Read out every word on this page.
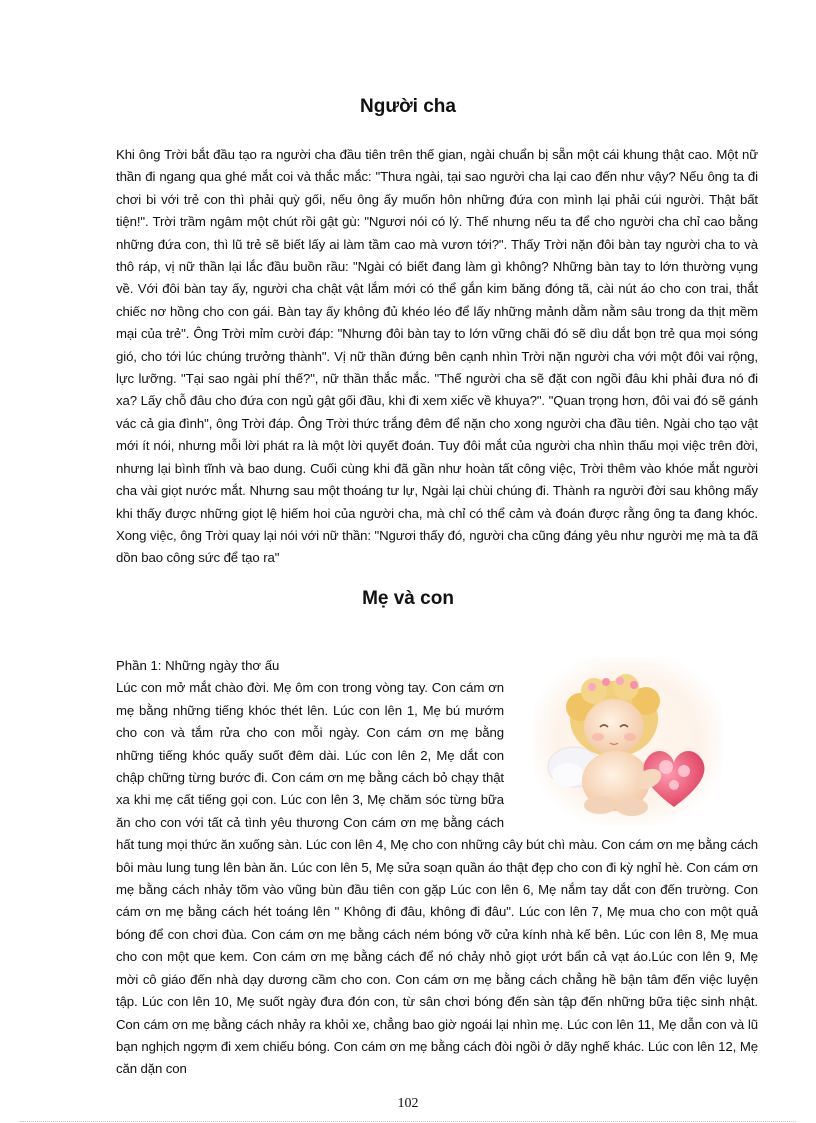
Người cha

Khi ông Trời bắt đầu tạo ra người cha đầu tiên trên thế gian, ngài chuẩn bị sẵn một cái khung thật cao. Một nữ thần đi ngang qua ghé mắt coi và thắc mắc: "Thưa ngài, tại sao người cha lại cao đến như vậy? Nếu ông ta đi chơi bi với trẻ con thì phải quỳ gối, nếu ông ấy muốn hôn những đứa con mình lại phải cúi người. Thật bất tiện!". Trời trầm ngâm một chút rồi gật gù: "Ngươi nói có lý. Thế nhưng nếu ta để cho người cha chỉ cao bằng những đứa con, thì lũ trẻ sẽ biết lấy ai làm tầm cao mà vươn tới?". Thấy Trời nặn đôi bàn tay người cha to và thô ráp, vị nữ thần lại lắc đầu buồn rầu: "Ngài có biết đang làm gì không? Những bàn tay to lớn thường vụng về. Với đôi bàn tay ấy, người cha chật vật lắm mới có thể gắn kim băng đóng tã, cài nút áo cho con trai, thắt chiếc nơ hồng cho con gái. Bàn tay ấy không đủ khéo léo để lấy những mảnh dằm nằm sâu trong da thịt mềm mại của trẻ". Ông Trời mỉm cười đáp: "Nhưng đôi bàn tay to lớn vững chãi đó sẽ dìu dắt bọn trẻ qua mọi sóng gió, cho tới lúc chúng trưởng thành". Vị nữ thần đứng bên cạnh nhìn Trời nặn người cha với một đôi vai rộng, lực lưỡng. "Tại sao ngài phí thế?", nữ thần thắc mắc. "Thế người cha sẽ đặt con ngồi đâu khi phải đưa nó đi xa? Lấy chỗ đâu cho đứa con ngủ gật gối đầu, khi đi xem xiếc về khuya?". "Quan trọng hơn, đôi vai đó sẽ gánh vác cả gia đình", ông Trời đáp. Ông Trời thức trắng đêm để nặn cho xong người cha đầu tiên. Ngài cho tạo vật mới ít nói, nhưng mỗi lời phát ra là một lời quyết đoán. Tuy đôi mắt của người cha nhìn thấu mọi việc trên đời, nhưng lại bình tĩnh và bao dung. Cuối cùng khi đã gần như hoàn tất công việc, Trời thêm vào khóe mắt người cha vài giọt nước mắt. Nhưng sau một thoáng tư lự, Ngài lại chùi chúng đi. Thành ra người đời sau không mấy khi thấy được những giọt lệ hiếm hoi của người cha, mà chỉ có thể cảm và đoán được rằng ông ta đang khóc. Xong việc, ông Trời quay lại nói với nữ thần: "Ngươi thấy đó, người cha cũng đáng yêu như người mẹ mà ta đã dồn bao công sức để tạo ra"

Mẹ và con

Phần 1: Những ngày thơ ấu

Lúc con mở mắt chào đời. Mẹ ôm con trong vòng tay. Con cám ơn mẹ bằng những tiếng khóc thét lên. Lúc con lên 1, Mẹ bú mướm cho con và tắm rửa cho con mỗi ngày. Con cám ơn mẹ bằng những tiếng khóc quấy suốt đêm dài. Lúc con lên 2, Mẹ dắt con chập chững từng bước đi. Con cám ơn mẹ bằng cách bỏ chạy thật xa khi mẹ cất tiếng gọi con. Lúc con lên 3, Mẹ chăm sóc từng bữa ăn cho con với tất cả tình yêu thương Con cám ơn mẹ bằng cách hất tung mọi thức ăn xuống sàn. Lúc con lên 4, Mẹ cho con những cây bút chì màu. Con cám ơn mẹ bằng cách bôi màu lung tung lên bàn ăn. Lúc con lên 5, Mẹ sửa soạn quần áo thật đẹp cho con đi kỳ nghỉ hè. Con cám ơn mẹ bằng cách nhảy tõm vào vũng bùn đầu tiên con gặp Lúc con lên 6, Mẹ nắm tay dắt con đến trường. Con cám ơn mẹ bằng cách hét toáng lên " Không đi đâu, không đi đâu". Lúc con lên 7, Mẹ mua cho con một quả bóng để con chơi đùa. Con cám ơn mẹ bằng cách ném bóng vỡ cửa kính nhà kế bên. Lúc con lên 8, Mẹ mua cho con một que kem. Con cám ơn mẹ bằng cách để nó chảy nhỏ giọt ướt bẩn cả vạt áo.Lúc con lên 9, Mẹ mời cô giáo đến nhà dạy dương cầm cho con. Con cám ơn mẹ bằng cách chẳng hề bận tâm đến việc luyện tập. Lúc con lên 10, Mẹ suốt ngày đưa đón con, từ sân chơi bóng đến sàn tập đến những bữa tiệc sinh nhật. Con cám ơn mẹ bằng cách nhảy ra khỏi xe, chẳng bao giờ ngoái lại nhìn mẹ. Lúc con lên 11, Mẹ dẫn con và lũ bạn nghịch ngợm đi xem chiếu bóng. Con cám ơn mẹ bằng cách đòi ngồi ở dãy nghế khác. Lúc con lên 12, Mẹ căn dặn con

102
